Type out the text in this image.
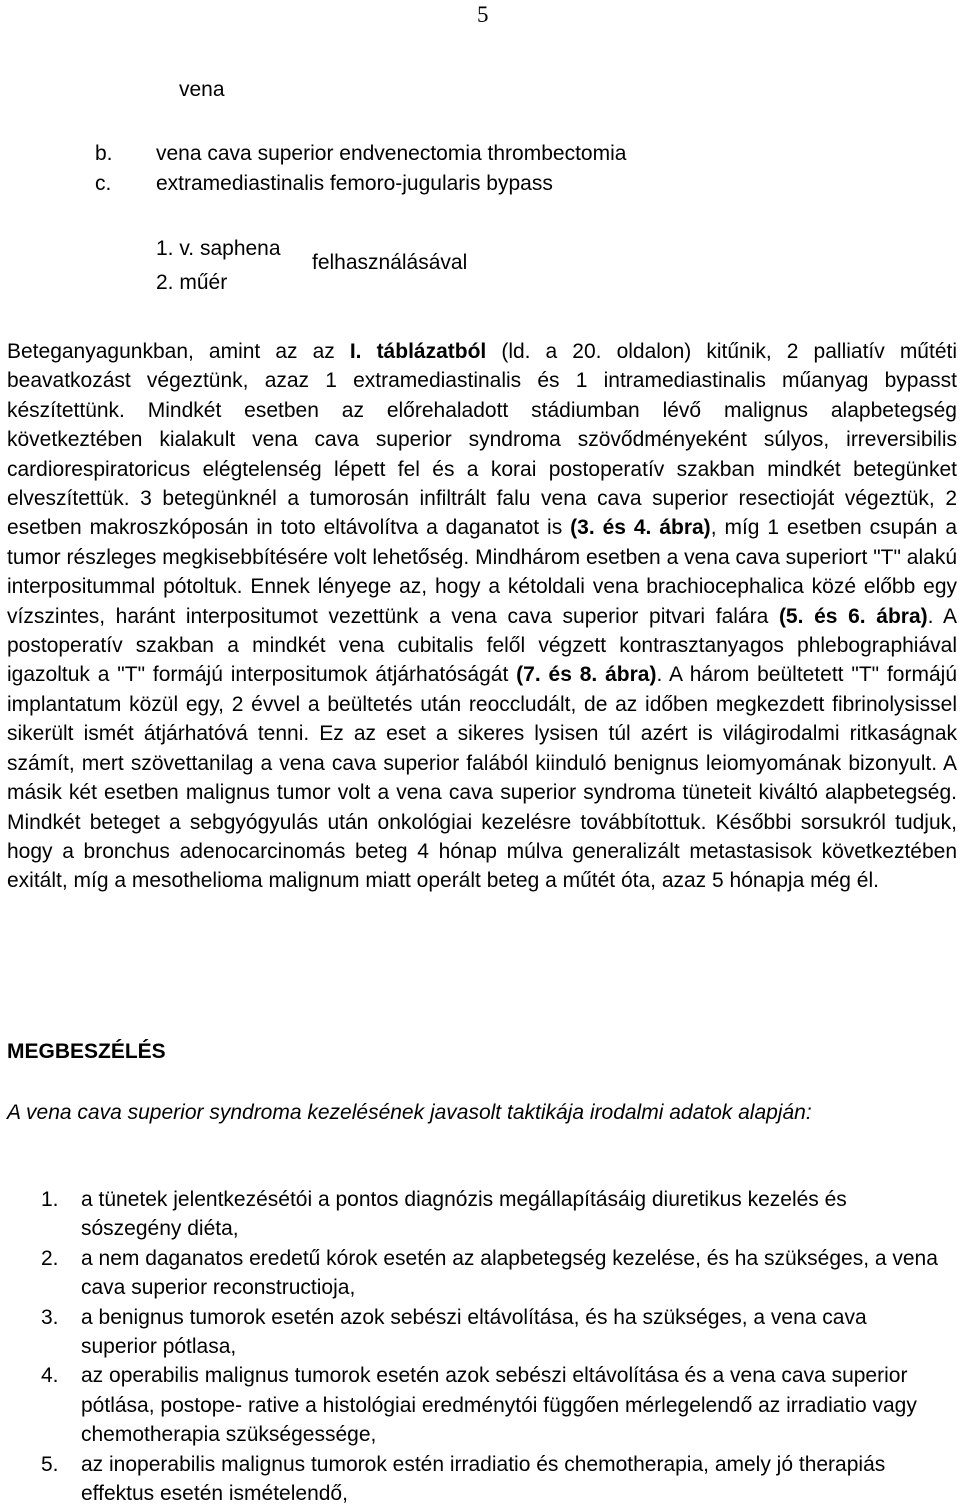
5
vena
b. vena cava superior endvenectomia thrombectomia
c. extramediastinalis femoro-jugularis bypass
1. v. saphena
2. műér
felhasználásával

Beteganyagunkban, amint az az I. táblázatból (ld. a 20. oldalon) kitűnik, 2 palliatív műtéti beavatkozást végeztünk, azaz 1 extramediastinalis és 1 intramediastinalis műanyag bypasst készítettünk. Mindkét esetben az előrehaladott stádiumban lévő malignus alapbetegség következtében kialakult vena cava superior syndroma szövődményeként súlyos, irreversibilis cardiorespiratoricus elégtelenség lépett fel és a korai postoperatív szakban mindkét betegünket elveszítettük. 3 betegünknél a tumorosán infiltrált falu vena cava superior resectioját végeztük, 2 esetben makroszkóposán in toto eltávolítva a daganatot is (3. és 4. ábra), míg 1 esetben csupán a tumor részleges megkisebbítésére volt lehetőség. Mindhárom esetben a vena cava superiort "T" alakú interpositummal pótoltuk. Ennek lényege az, hogy a kétoldali vena brachiocephalica közé előbb egy vízszintes, haránt interpositumot vezettünk a vena cava superior pitvari falára (5. és 6. ábra). A postoperatív szakban a mindkét vena cubitalis felől végzett kontrasztanyagos phlebographiával igazoltuk a "T" formájú interpositumok átjárhatóságát (7. és 8. ábra). A három beültetett "T" formájú implantatum közül egy, 2 évvel a beültetés után reoccludált, de az időben megkezdett fibrinolysissel sikerült ismét átjárhatóvá tenni. Ez az eset a sikeres lysisen túl azért is világirodalmi ritkaságnak számít, mert szövettanilag a vena cava superior falából kiinduló benignus leiomyomának bizonyult. A másik két esetben malignus tumor volt a vena cava superior syndroma tüneteit kiváltó alapbetegség. Mindkét beteget a sebgyógyulás után onkológiai kezelésre továbbítottuk. Későbbi sorsukról tudjuk, hogy a bronchus adenocarcinomás beteg 4 hónap múlva generalizált metastasisok következtében exitált, míg a mesothelioma malignum miatt operált beteg a műtét óta, azaz 5 hónapja még él.

MEGBESZÉLÉS

A vena cava superior syndroma kezelésének javasolt taktikája irodalmi adatok alapján:

1. a tünetek jelentkezésétói a pontos diagnózis megállapításáig diuretikus kezelés és sószegény diéta,
2. a nem daganatos eredetű kórok esetén az alapbetegség kezelése, és ha szükséges, a vena cava superior reconstructioja,
3. a benignus tumorok esetén azok sebészi eltávolítása, és ha szükséges, a vena cava superior pótlasa,
4. az operabilis malignus tumorok esetén azok sebészi eltávolítása és a vena cava superior pótlása, postope- rative a histológiai eredménytói függően mérlegelendő az irradiatio vagy chemotherapia szükségessége,
5. az inoperabilis malignus tumorok estén irradiatio és chemotherapia, amely jó therapiás effektus esetén ismételendő,
